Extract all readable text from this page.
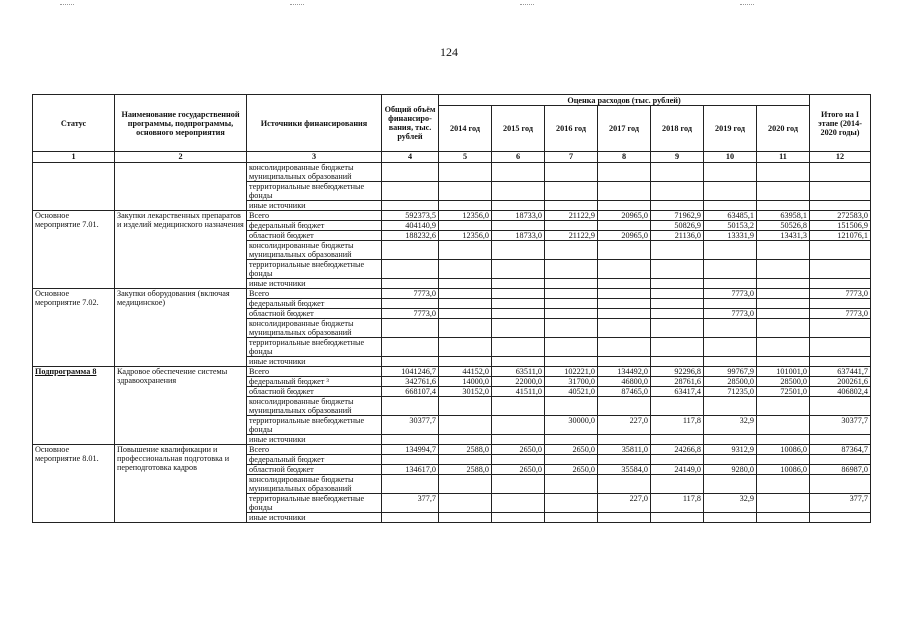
124
Статус	Наименование государственной программы, подпрограммы, основного мероприятия	Источники финансирования	Общий объём финансиро-вания, тыс. рублей	Оценка расходов (тыс. рублей)							Итого на I этапе (2014-2020 годы)
				2014 год	2015 год	2016 год	2017 год	2018 год	2019 год	2020 год	
1	2	3	4	5	6	7	8	9	10	11	12
		консолидированные бюджеты муниципальных образований									
		территориальные внебюджетные фонды									
		иные источники									
Основное мероприятие 7.01.	Закупки лекарственных препаратов и изделий медицинского назначения	Всего	592373,5	12356,0	18733,0	21122,9	20965,0	71962,9	63485,1	63958,1	272583,0
		федеральный бюджет	404140,9					50826,9	50153,2	50526,8	151506,9
		областной бюджет	188232,6	12356,0	18733,0	21122,9	20965,0	21136,0	13331,9	13431,3	121076,1
		консолидированные бюджеты муниципальных образований									
		территориальные внебюджетные фонды									
		иные источники									
Основное мероприятие 7.02.	Закупки оборудования (включая медицинское)	Всего	7773,0						7773,0		7773,0
		федеральный бюджет									
		областной бюджет	7773,0						7773,0		7773,0
		консолидированные бюджеты муниципальных образований									
		территориальные внебюджетные фонды									
		иные источники									
Подпрограмма 8	Кадровое обеспечение системы здравоохранения	Всего	1041246,7	44152,0	63511,0	102221,0	134492,0	92296,8	99767,9	101001,0	637441,7
		федеральный бюджет ³	342761,6	14000,0	22000,0	31700,0	46800,0	28761,6	28500,0	28500,0	200261,6
		областной бюджет	668107,4	30152,0	41511,0	40521,0	87465,0	63417,4	71235,0	72501,0	406802,4
		консолидированные бюджеты муниципальных образований									
		территориальные внебюджетные фонды	30377,7			30000,0	227,0	117,8	32,9		30377,7
		иные источники									
Основное мероприятие 8.01.	Повышение квалификации и профессиональная подготовка и переподготовка кадров	Всего	134994,7	2588,0	2650,0	2650,0	35811,0	24266,8	9312,9	10086,0	87364,7
		федеральный бюджет									
		областной бюджет	134617,0	2588,0	2650,0	2650,0	35584,0	24149,0	9280,0	10086,0	86987,0
		консолидированные бюджеты муниципальных образований									
		территориальные внебюджетные фонды	377,7				227,0	117,8	32,9		377,7
		иные источники									
